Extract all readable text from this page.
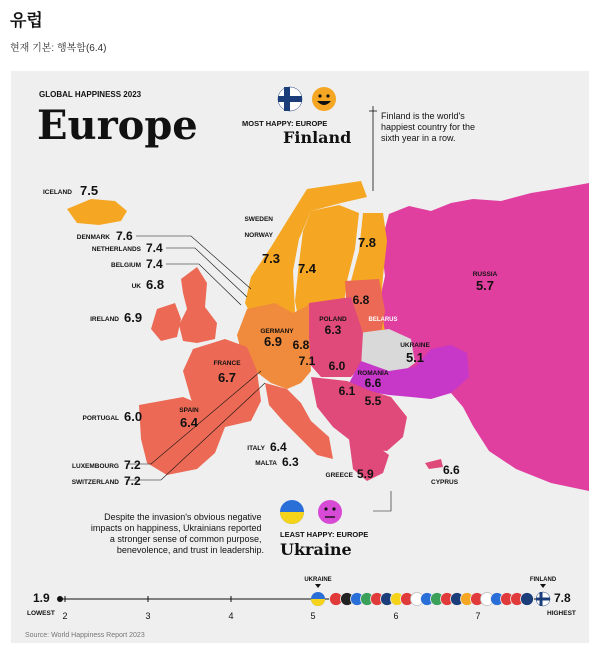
유럽
현재 기본: 행복함(6.4)
GLOBAL HAPPINESS 2023
Europe	MOST HAPPY: EUROPE
Finland
Finland is the world's happiest country for the sixth year in a row.
ICELAND 7.5
DENMARK 7.6
NETHERLANDS 7.4
BELGIUM 7.4
UK 6.8
IRELAND 6.9
PORTUGAL 6.0
LUXEMBOURG 7.2
SWITZERLAND 7.2
SWEDEN
7.3
NORWAY
7.4
7.8
RUSSIA
5.7
POLAND
6.3
GERMANY
6.9
FRANCE
6.7
SPAIN
6.4
ITALY 6.4
MALTA 6.3
GREECE 5.9	6.6
CYPRUS
UKRAINE
5.1
ROMANIA
6.6
BELARUS
6.8
6.8
7.1 6.0
6.1
5.5
LEAST HAPPY: EUROPE
Ukraine
Despite the invasion's obvious negative impacts on happiness, Ukrainians reported a stronger sense of common purpose, benevolence, and trust in leadership.
1.9
LOWEST 2	3	4	5	6	7
UKRAINE	FINLAND
7.8
HIGHEST
Source: World Happiness Report 2023
